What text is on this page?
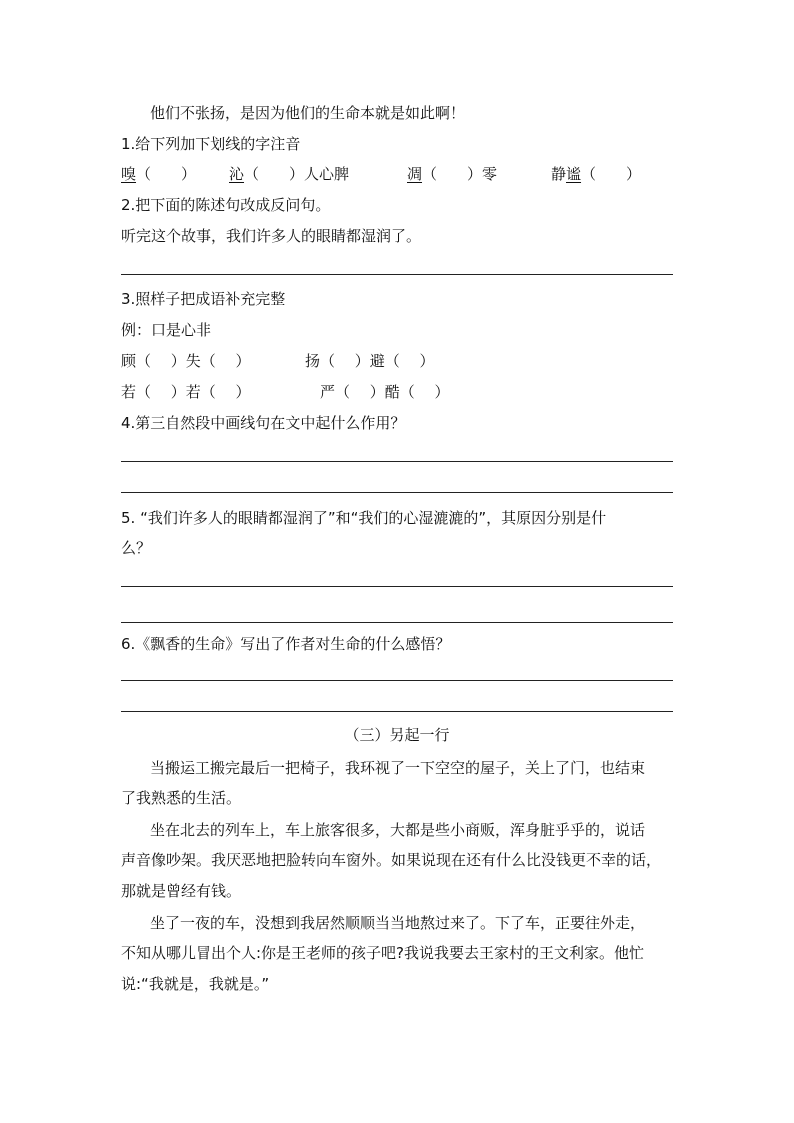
他们不张扬，是因为他们的生命本就是如此啊！
1.给下列加下划线的字注音
嗅（　　） 沁（　　）人心脾	凋（　　）零	静谧（　　）
2.把下面的陈述句改成反问句。
听完这个故事，我们许多人的眼睛都湿润了。
3.照样子把成语补充完整
例：口是心非
顾（　 ）失（　 ）	扬（　 ）避（　 ）
若（　 ）若（　 ）	严（　 ）酷（　 ）
4.第三自然段中画线句在文中起什么作用？
5. “我们许多人的眼睛都湿润了”和“我们的心湿漉漉的”，其原因分别是什
么？
6.《飘香的生命》写出了作者对生命的什么感悟？
（三）另起一行
当搬运工搬完最后一把椅子，我环视了一下空空的屋子，关上了门，也结束
了我熟悉的生活。
坐在北去的列车上，车上旅客很多，大都是些小商贩，浑身脏乎乎的，说话
声音像吵架。我厌恶地把脸转向车窗外。如果说现在还有什么比没钱更不幸的话，
那就是曾经有钱。
坐了一夜的车，没想到我居然顺顺当当地熬过来了。下了车，正要往外走，
不知从哪儿冒出个人:你是王老师的孩子吧?我说我要去王家村的王文利家。他忙
说:“我就是，我就是。”
